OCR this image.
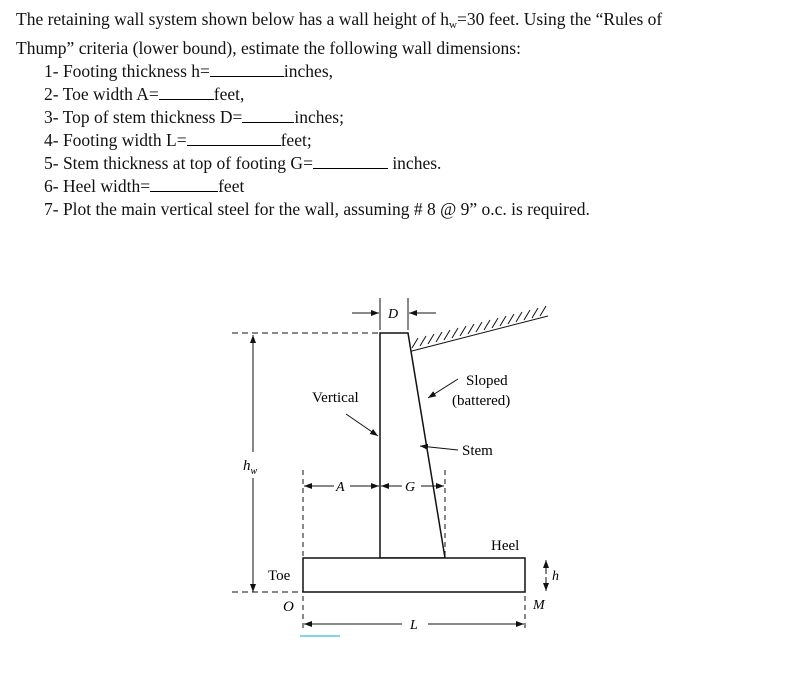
The retaining wall system shown below has a wall height of $h_w=30$ feet. Using the “Rules of

Thump” criteria (lower bound), estimate the following wall dimensions:

1- Footing thickness h=	inches,
2- Toe width A=	feet,
3- Top of stem thickness D=	inches;
4- Footing width L=	feet;
5- Stem thickness at top of footing G=	inches.
6- Heel width=	feet
7- Plot the main vertical steel for the wall, assuming # 8 @ 9” o.c. is required.
D
Sloped
(battered)
Vertical
Stem
$h_w$
A	G
Heel
Toe
O	M
h
L
